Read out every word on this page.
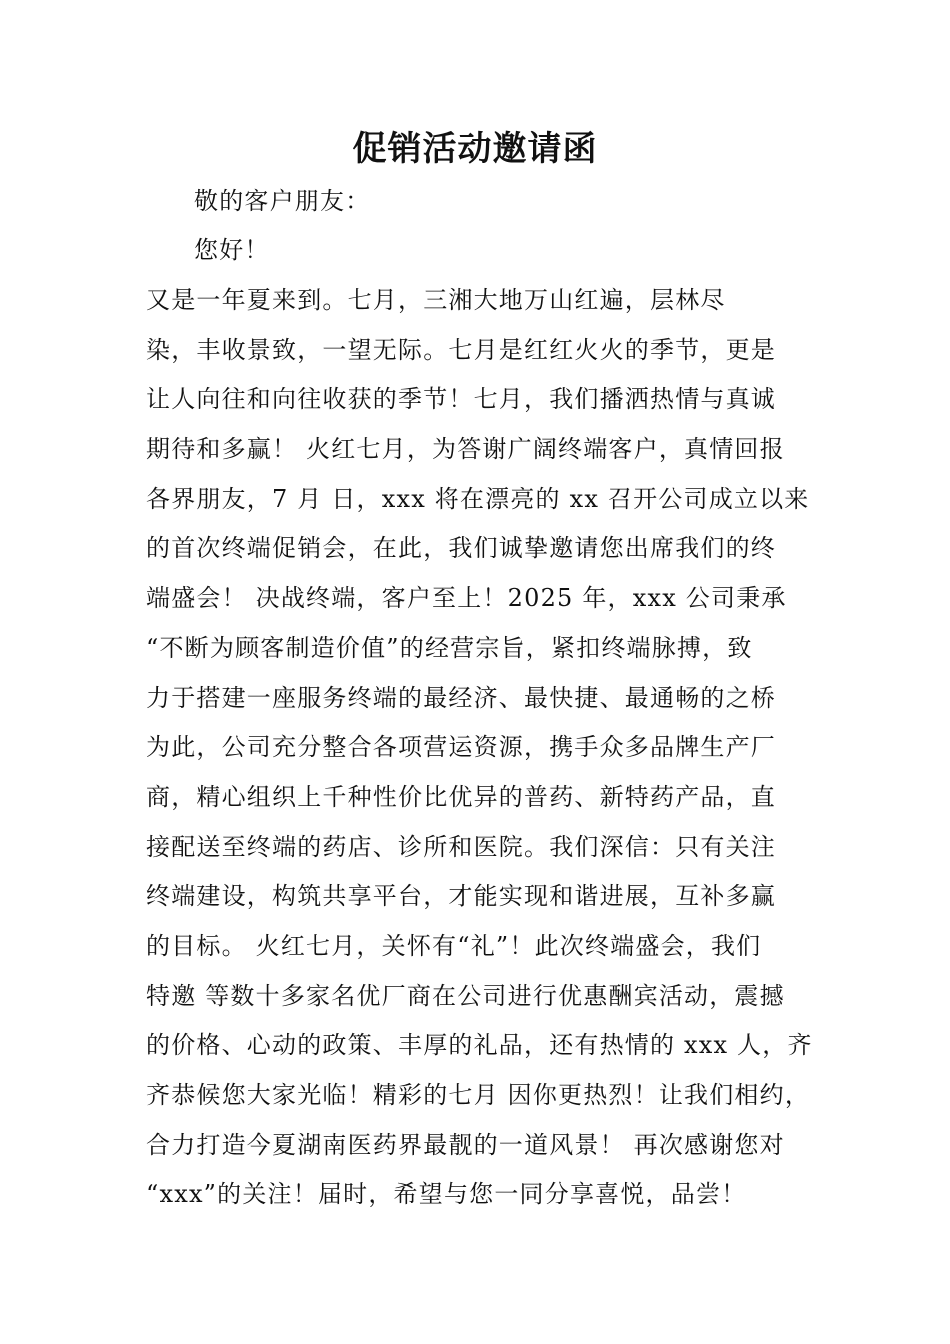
促销活动邀请函
敬的客户朋友：
您好！
又是一年夏来到。七月，三湘大地万山红遍，层林尽
染，丰收景致，一望无际。七月是红红火火的季节，更是
让人向往和向往收获的季节！七月，我们播洒热情与真诚
期待和多赢！ 火红七月，为答谢广阔终端客户，真情回报
各界朋友，7 月 日，xxx 将在漂亮的 xx 召开公司成立以来
的首次终端促销会，在此，我们诚挚邀请您出席我们的终
端盛会！ 决战终端，客户至上！2025 年，xxx 公司秉承
“不断为顾客制造价值”的经营宗旨，紧扣终端脉搏，致
力于搭建一座服务终端的最经济、最快捷、最通畅的之桥
为此，公司充分整合各项营运资源，携手众多品牌生产厂
商，精心组织上千种性价比优异的普药、新特药产品，直
接配送至终端的药店、诊所和医院。我们深信：只有关注
终端建设，构筑共享平台，才能实现和谐进展，互补多赢
的目标。 火红七月，关怀有“礼”！此次终端盛会，我们
特邀 等数十多家名优厂商在公司进行优惠酬宾活动，震撼
的价格、心动的政策、丰厚的礼品，还有热情的 xxx 人，齐
齐恭候您大家光临！精彩的七月 因你更热烈！让我们相约，
合力打造今夏湖南医药界最靓的一道风景！ 再次感谢您对
“xxx”的关注！届时，希望与您一同分享喜悦，品尝！
